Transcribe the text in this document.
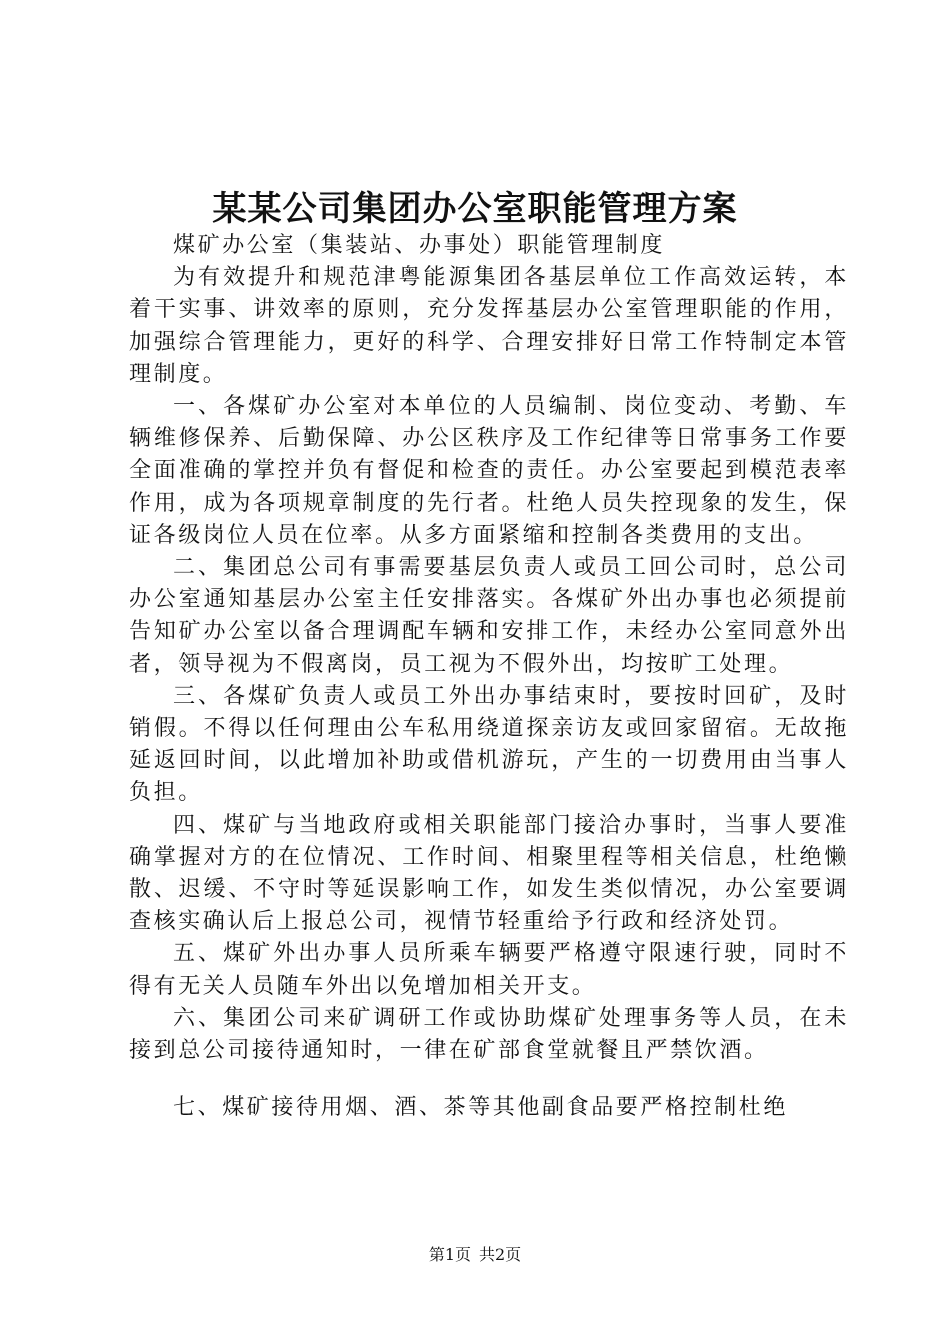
某某公司集团办公室职能管理方案

煤矿办公室（集装站、办事处）职能管理制度

为有效提升和规范津粤能源集团各基层单位工作高效运转，本着干实事、讲效率的原则，充分发挥基层办公室管理职能的作用，加强综合管理能力，更好的科学、合理安排好日常工作特制定本管理制度。

一、各煤矿办公室对本单位的人员编制、岗位变动、考勤、车辆维修保养、后勤保障、办公区秩序及工作纪律等日常事务工作要全面准确的掌控并负有督促和检查的责任。办公室要起到模范表率作用，成为各项规章制度的先行者。杜绝人员失控现象的发生，保证各级岗位人员在位率。从多方面紧缩和控制各类费用的支出。

二、集团总公司有事需要基层负责人或员工回公司时，总公司办公室通知基层办公室主任安排落实。各煤矿外出办事也必须提前告知矿办公室以备合理调配车辆和安排工作，未经办公室同意外出者，领导视为不假离岗，员工视为不假外出，均按旷工处理。

三、各煤矿负责人或员工外出办事结束时，要按时回矿，及时销假。不得以任何理由公车私用绕道探亲访友或回家留宿。无故拖延返回时间，以此增加补助或借机游玩，产生的一切费用由当事人负担。

四、煤矿与当地政府或相关职能部门接洽办事时，当事人要准确掌握对方的在位情况、工作时间、相聚里程等相关信息，杜绝懒散、迟缓、不守时等延误影响工作，如发生类似情况，办公室要调查核实确认后上报总公司，视情节轻重给予行政和经济处罚。

五、煤矿外出办事人员所乘车辆要严格遵守限速行驶，同时不得有无关人员随车外出以免增加相关开支。

六、集团公司来矿调研工作或协助煤矿处理事务等人员，在未接到总公司接待通知时，一律在矿部食堂就餐且严禁饮酒。

七、煤矿接待用烟、酒、茶等其他副食品要严格控制杜绝

第1页 共2页
